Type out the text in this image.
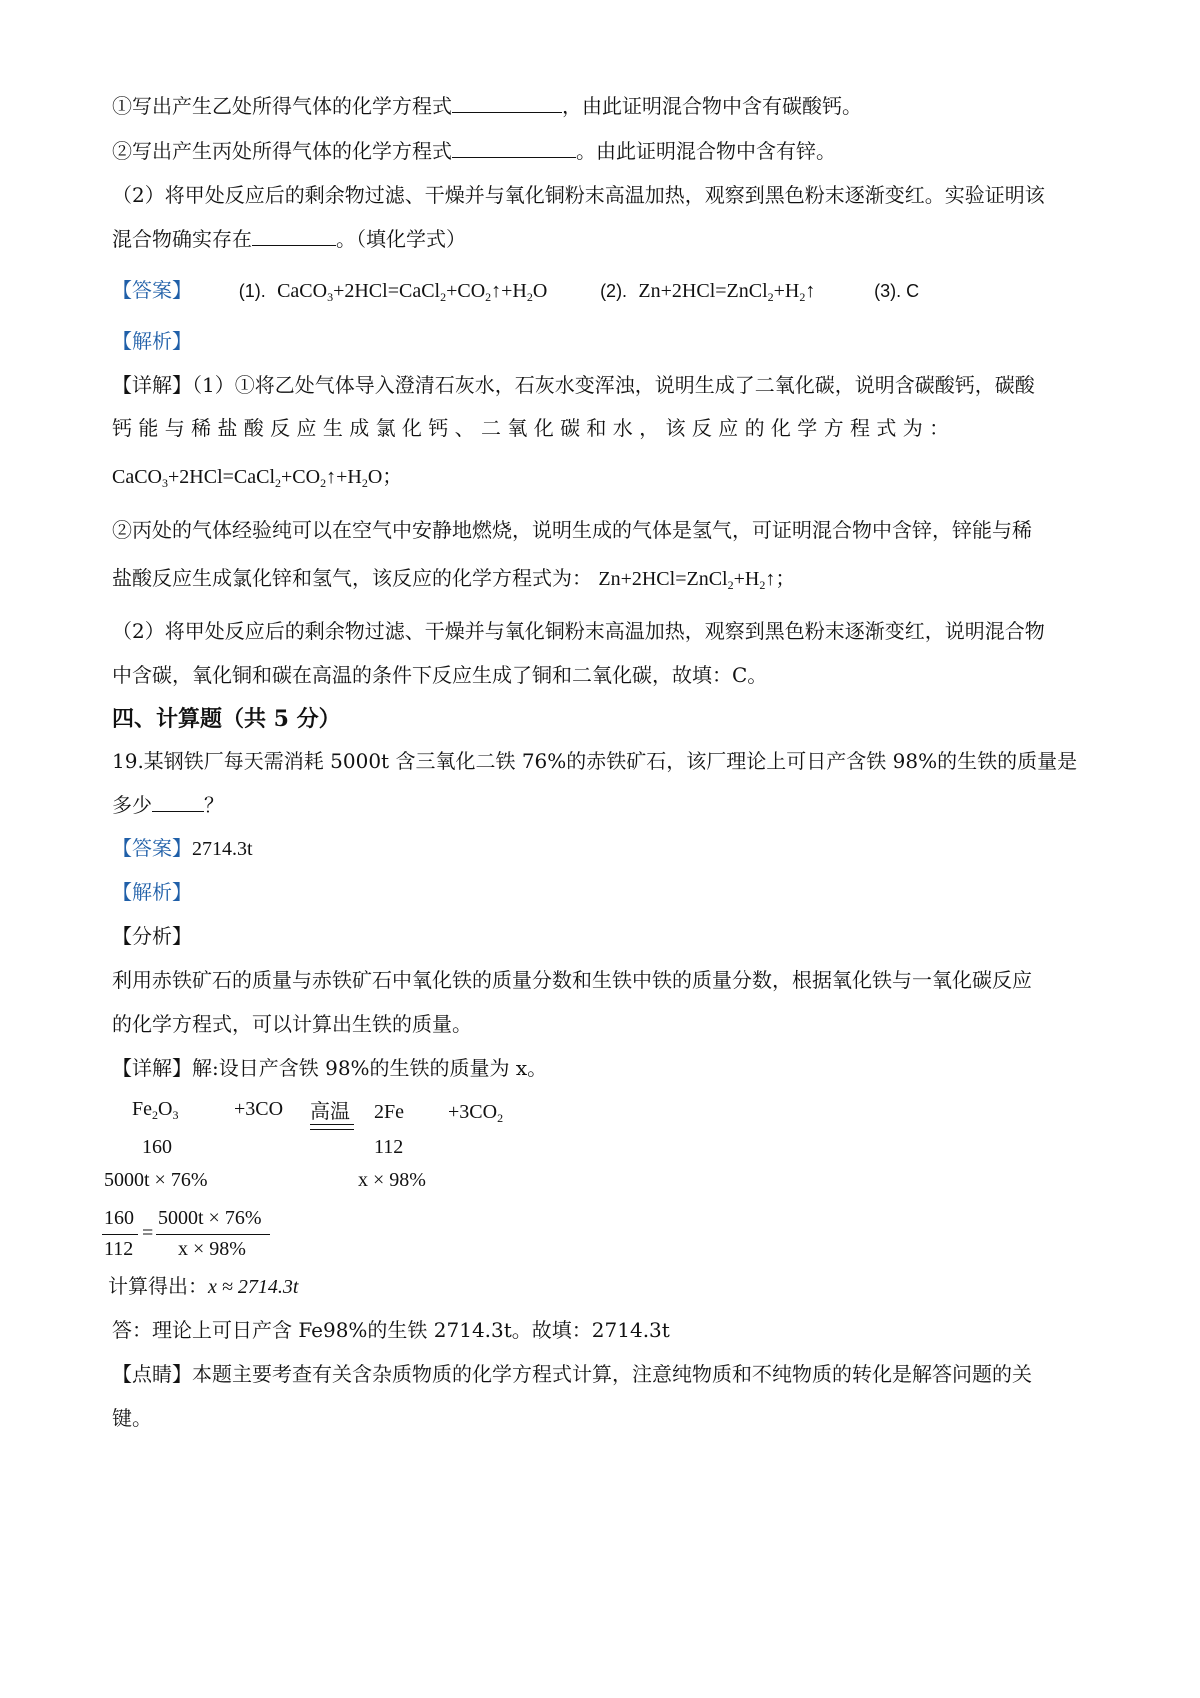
①写出产生乙处所得气体的化学方程式	，由此证明混合物中含有碳酸钙。
②写出产生丙处所得气体的化学方程式	。由此证明混合物中含有锌。
（2）将甲处反应后的剩余物过滤、干燥并与氧化铜粉末高温加热，观察到黑色粉末逐渐变红。实验证明该
混合物确实存在	。（填化学式）
【答案】	(1).  $CaCO_3+2HCl=CaCl_2+CO_2↑+H_2O$	(2).  $Zn+2HCl=ZnCl_2+H_2↑$	(3). C
【解析】
【详解】（1）①将乙处气体导入澄清石灰水，石灰水变浑浊，说明生成了二氧化碳，说明含碳酸钙，碳酸
钙 能 与 稀 盐 酸 反 应 生 成 氯 化 钙 、 二 氧 化 碳 和 水 ， 该 反 应 的 化 学 方 程 式 为 ：
$CaCO_3+2HCl=CaCl_2+CO_2↑+H_2O$；
②丙处的气体经验纯可以在空气中安静地燃烧，说明生成的气体是氢气，可证明混合物中含锌，锌能与稀
盐酸反应生成氯化锌和氢气，该反应的化学方程式为： $Zn+2HCl=ZnCl_2+H_2↑$；
（2）将甲处反应后的剩余物过滤、干燥并与氧化铜粉末高温加热，观察到黑色粉末逐渐变红，说明混合物
中含碳，氧化铜和碳在高温的条件下反应生成了铜和二氧化碳，故填：C。
四、计算题（共 5 分）
19.某钢铁厂每天需消耗 5000t 含三氧化二铁 76%的赤铁矿石，该厂理论上可日产含铁 98%的生铁的质量是
多少	？
【答案】2714.3t
【解析】
【分析】
利用赤铁矿石的质量与赤铁矿石中氧化铁的质量分数和生铁中铁的质量分数，根据氧化铁与一氧化碳反应
的化学方程式，可以计算出生铁的质量。
【详解】解:设日产含铁 98%的生铁的质量为 x。
$Fe_2O_3$	+3CO 高温 $2Fe +3CO_2$
160	112
5000t × 76%	x × 98%
160
112
=
5000t × 76%
x × 98%
计算得出：x ≈ 2714.3t
答：理论上可日产含 Fe98%的生铁 2714.3t。故填：2714.3t
【点睛】本题主要考查有关含杂质物质的化学方程式计算，注意纯物质和不纯物质的转化是解答问题的关
键。
